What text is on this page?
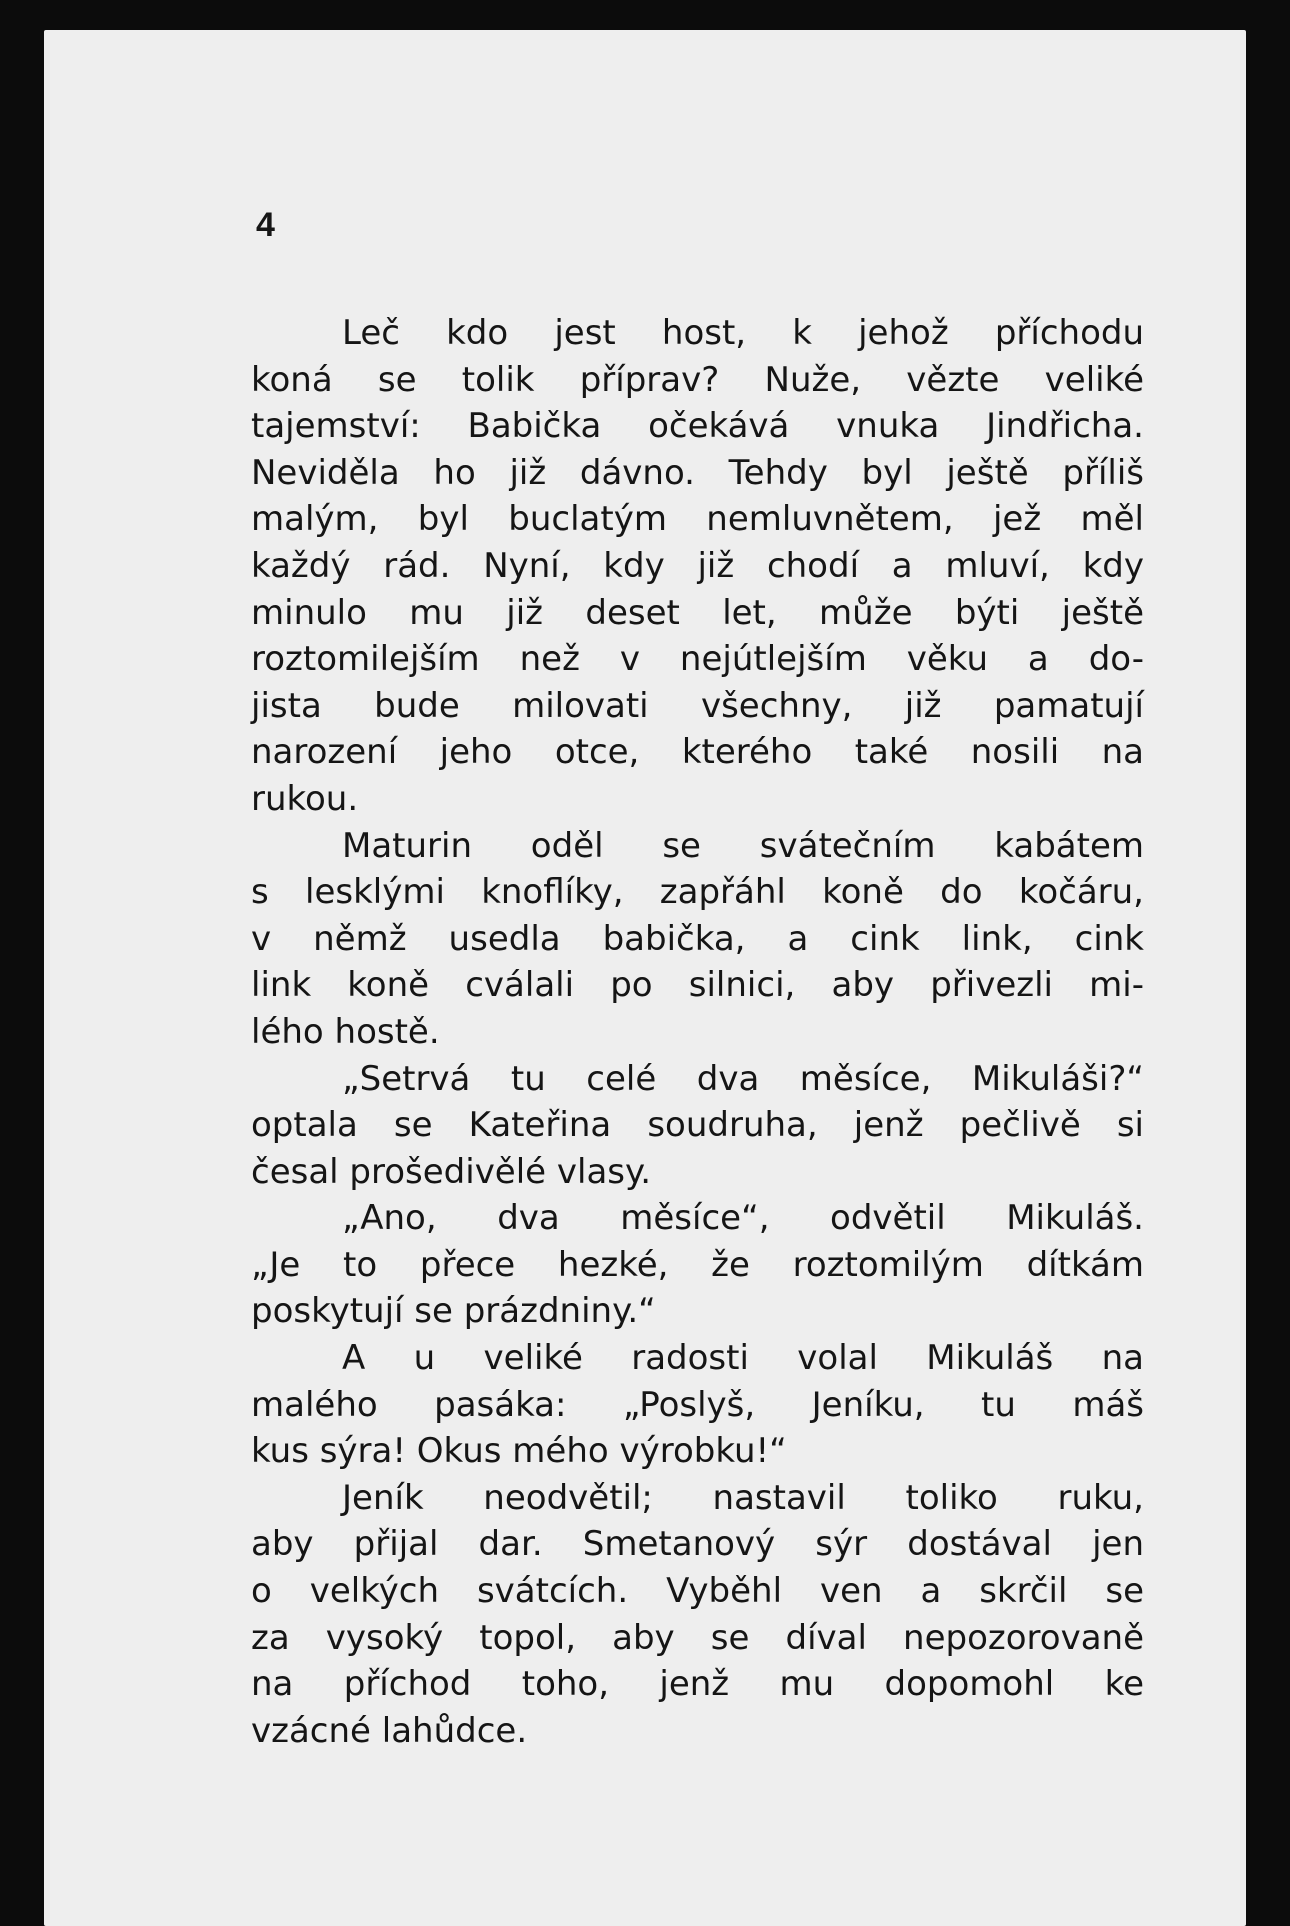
4
Leč kdo jest host, k jehož příchodu
koná se tolik příprav? Nuže, vězte veliké
tajemství: Babička očekává vnuka Jindřicha.
Neviděla ho již dávno. Tehdy byl ještě příliš
malým, byl buclatým nemluvnětem, jež měl
každý rád. Nyní, kdy již chodí a mluví, kdy
minulo mu již deset let, může býti ještě
roztomilejším než v nejútlejším věku a do-
jista bude milovati všechny, již pamatují
narození jeho otce, kterého také nosili na
rukou.
Maturin oděl se svátečním kabátem
s lesklými knoflíky, zapřáhl koně do kočáru,
v němž usedla babička, a cink link, cink
link koně cválali po silnici, aby přivezli mi-
lého hostě.
„Setrvá tu celé dva měsíce, Mikuláši?“
optala se Kateřina soudruha, jenž pečlivě si
česal prošedivělé vlasy.
„Ano, dva měsíce“, odvětil Mikuláš.
„Je to přece hezké, že roztomilým dítkám
poskytují se prázdniny.“
A u veliké radosti volal Mikuláš na
malého pasáka: „Poslyš, Jeníku, tu máš
kus sýra! Okus mého výrobku!“
Jeník neodvětil; nastavil toliko ruku,
aby přijal dar. Smetanový sýr dostával jen
o velkých svátcích. Vyběhl ven a skrčil se
za vysoký topol, aby se díval nepozorovaně
na příchod toho, jenž mu dopomohl ke
vzácné lahůdce.
